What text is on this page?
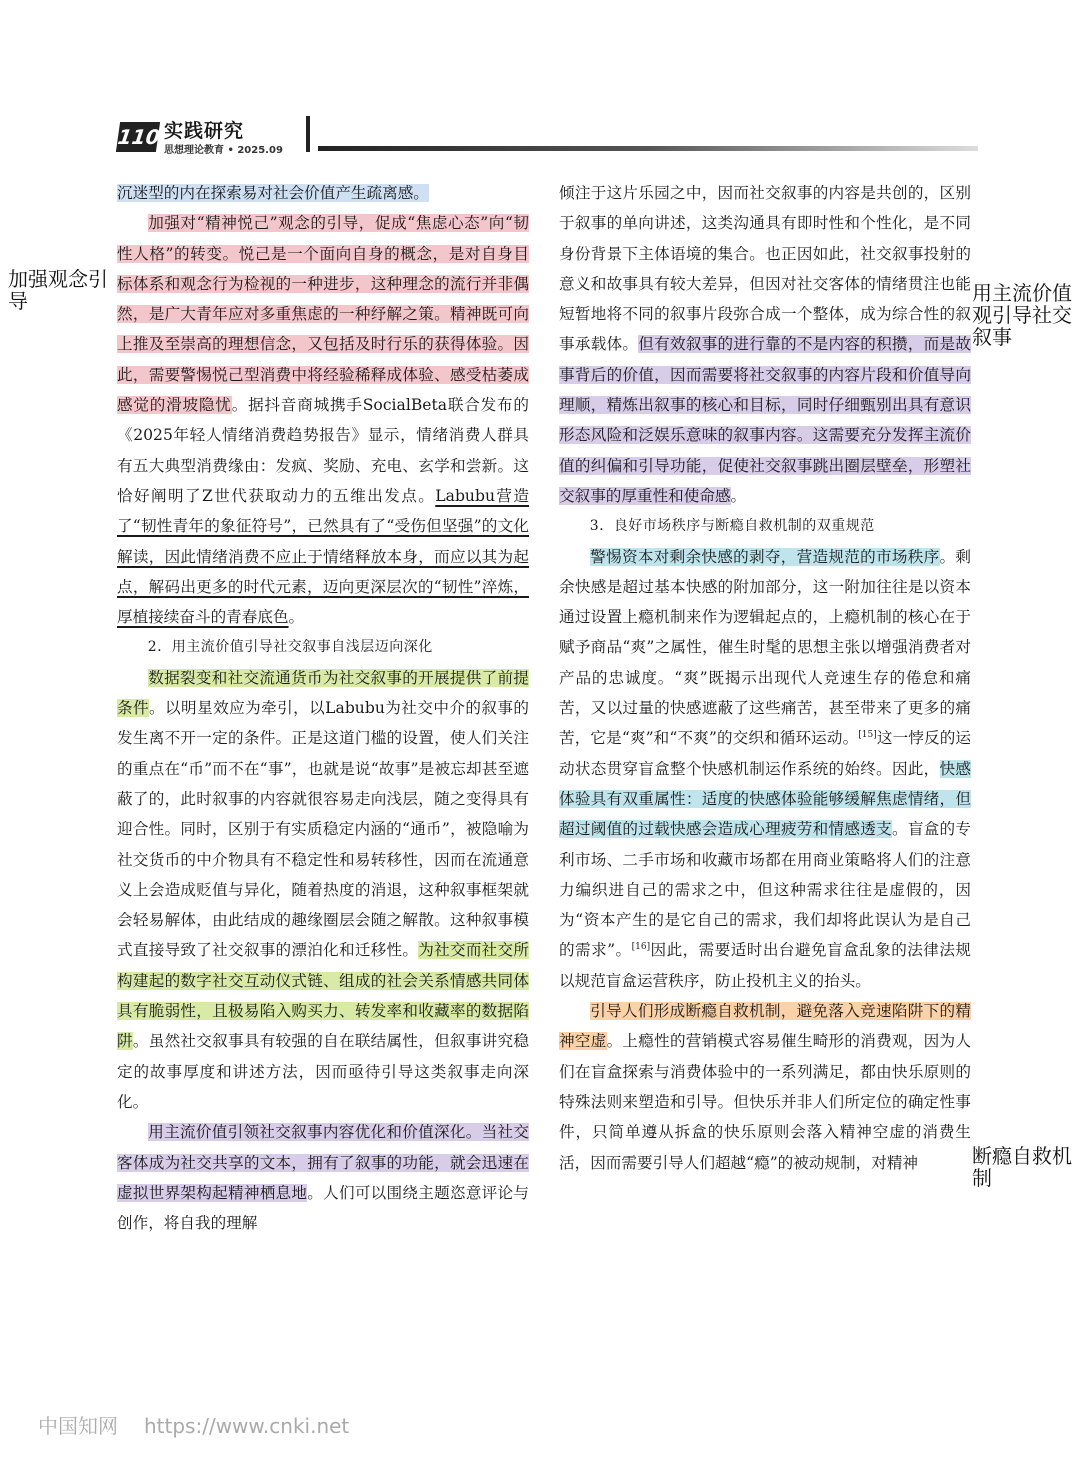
110 实践研究
思想理论教育 • 2025.09

沉迷型的内在探索易对社会价值产生疏离感。

加强对“精神悦己”观念的引导，促成“焦虑心态”向“韧性人格”的转变。悦己是一个面向自身的概念，是对自身目标体系和观念行为检视的一种进步，这种理念的流行并非偶然，是广大青年应对多重焦虑的一种纾解之策。精神既可向上推及至崇高的理想信念，又包括及时行乐的获得体验。因此，需要警惕悦己型消费中将经验稀释成体验、感受枯萎成感觉的滑坡隐忧。据抖音商城携手SocialBeta联合发布的《2025年轻人情绪消费趋势报告》显示，情绪消费人群具有五大典型消费缘由：发疯、奖励、充电、玄学和尝新。这恰好阐明了Z世代获取动力的五维出发点。Labubu营造了“韧性青年的象征符号”，已然具有了“受伤但坚强”的文化解读，因此情绪消费不应止于情绪释放本身，而应以其为起点，解码出更多的时代元素，迈向更深层次的“韧性”淬炼，厚植接续奋斗的青春底色。

2．用主流价值引导社交叙事自浅层迈向深化

数据裂变和社交流通货币为社交叙事的开展提供了前提条件。以明星效应为牵引，以Labubu为社交中介的叙事的发生离不开一定的条件。正是这道门槛的设置，使人们关注的重点在“币”而不在“事”，也就是说“故事”是被忘却甚至遮蔽了的，此时叙事的内容就很容易走向浅层，随之变得具有迎合性。同时，区别于有实质稳定内涵的“通币”，被隐喻为社交货币的中介物具有不稳定性和易转移性，因而在流通意义上会造成贬值与异化，随着热度的消退，这种叙事框架就会轻易解体，由此结成的趣缘圈层会随之解散。这种叙事模式直接导致了社交叙事的漂泊化和迁移性。为社交而社交所构建起的数字社交互动仪式链、组成的社会关系情感共同体具有脆弱性，且极易陷入购买力、转发率和收藏率的数据陷阱。虽然社交叙事具有较强的自在联结属性，但叙事讲究稳定的故事厚度和讲述方法，因而亟待引导这类叙事走向深化。

用主流价值引领社交叙事内容优化和价值深化。当社交客体成为社交共享的文本，拥有了叙事的功能，就会迅速在虚拟世界架构起精神栖息地。人们可以围绕主题恣意评论与创作，将自我的理解

倾注于这片乐园之中，因而社交叙事的内容是共创的，区别于叙事的单向讲述，这类沟通具有即时性和个性化，是不同身份背景下主体语境的集合。也正因如此，社交叙事投射的意义和故事具有较大差异，但因对社交客体的情绪贯注也能短暂地将不同的叙事片段弥合成一个整体，成为综合性的叙事承载体。但有效叙事的进行靠的不是内容的积攒，而是故事背后的价值，因而需要将社交叙事的内容片段和价值导向理顺，精炼出叙事的核心和目标，同时仔细甄别出具有意识形态风险和泛娱乐意味的叙事内容。这需要充分发挥主流价值的纠偏和引导功能，促使社交叙事跳出圈层壁垒，形塑社交叙事的厚重性和使命感。

3．良好市场秩序与断瘾自救机制的双重规范

警惕资本对剩余快感的剥夺，营造规范的市场秩序。剩余快感是超过基本快感的附加部分，这一附加往往是以资本通过设置上瘾机制来作为逻辑起点的，上瘾机制的核心在于赋予商品“爽”之属性，催生时髦的思想主张以增强消费者对产品的忠诚度。“爽”既揭示出现代人竞速生存的倦怠和痛苦，又以过量的快感遮蔽了这些痛苦，甚至带来了更多的痛苦，它是“爽”和“不爽”的交织和循环运动。[15]这一悖反的运动状态贯穿盲盒整个快感机制运作系统的始终。因此，快感体验具有双重属性：适度的快感体验能够缓解焦虑情绪，但超过阈值的过载快感会造成心理疲劳和情感透支。盲盒的专利市场、二手市场和收藏市场都在用商业策略将人们的注意力编织进自己的需求之中，但这种需求往往是虚假的，因为“资本产生的是它自己的需求，我们却将此误认为是自己的需求”。[16]因此，需要适时出台避免盲盒乱象的法律法规以规范盲盒运营秩序，防止投机主义的抬头。

引导人们形成断瘾自救机制，避免落入竞速陷阱下的精神空虚。上瘾性的营销模式容易催生畸形的消费观，因为人们在盲盒探索与消费体验中的一系列满足，都由快乐原则的特殊法则来塑造和引导。但快乐并非人们所定位的确定性事件，只简单遵从拆盒的快乐原则会落入精神空虚的消费生活，因而需要引导人们超越“瘾”的被动规制，对精神

加强观念引导	用主流价值观引导社交叙事
断瘾自救机制
中国知网 https://www.cnki.net
